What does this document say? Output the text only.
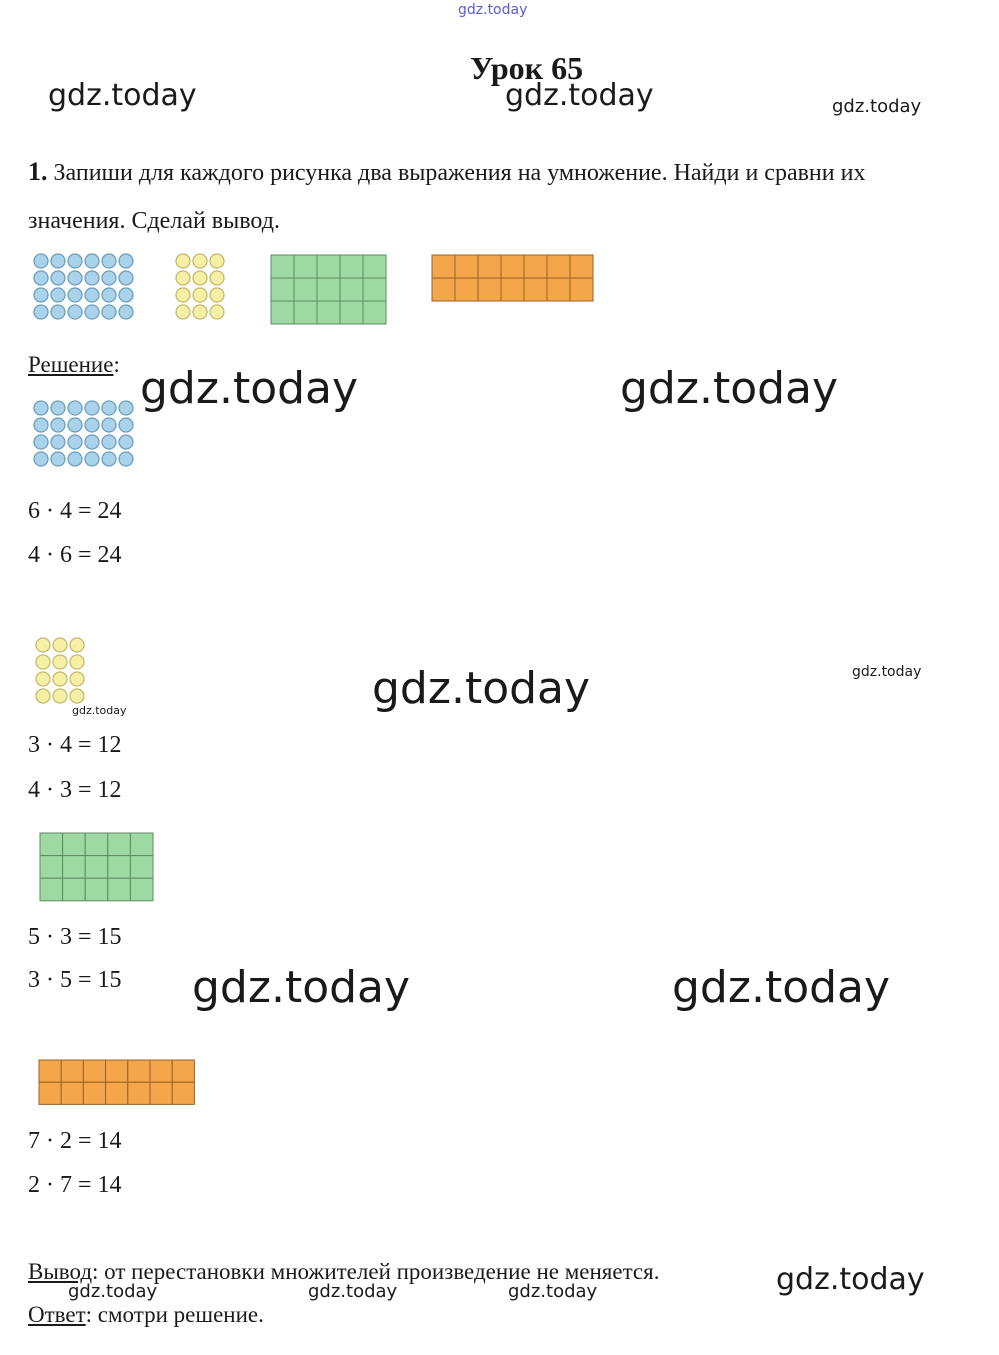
gdz.today
gdz.today	gdz.today	gdz.today
gdz.today	gdz.today
gdz.today	gdz.today
gdz.today
gdz.today	gdz.today
gdz.today
gdz.today	gdz.today	gdz.today
Урок 65
1. Запиши для каждого рисунка два выражения на умножение. Найди и сравни их значения. Сделай вывод.
Решение:
6 · 4 = 24
4 · 6 = 24
3 · 4 = 12
4 · 3 = 12
5 · 3 = 15
3 · 5 = 15
7 · 2 = 14
2 · 7 = 14
Вывод: от перестановки множителей произведение не меняется.
Ответ: смотри решение.
